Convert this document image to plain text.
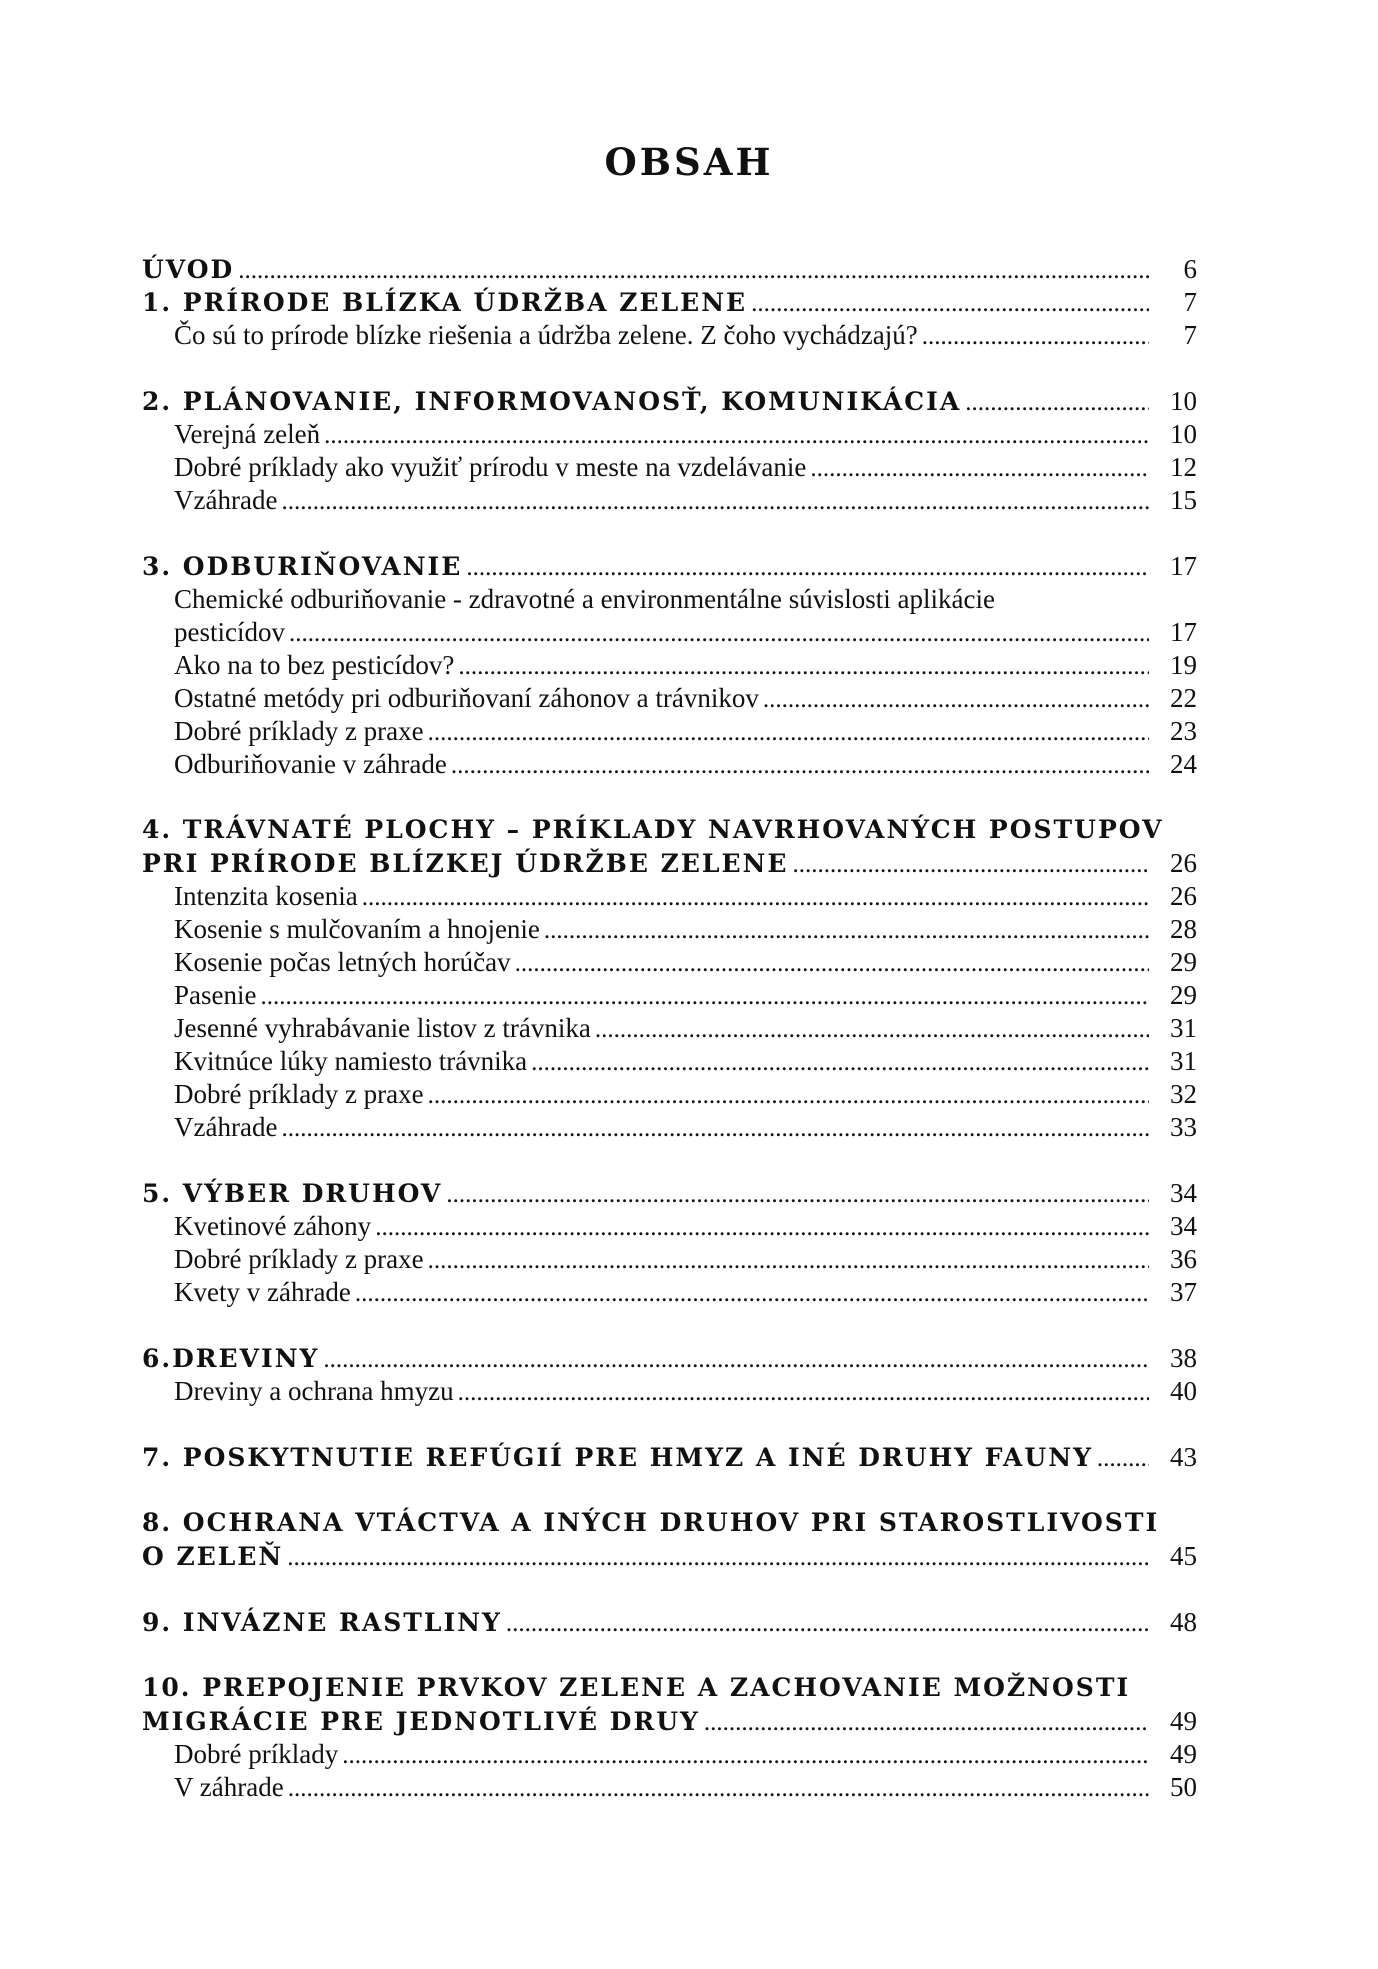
OBSAH
ÚVOD .....	6
1. PRÍRODE BLÍZKA ÚDRŽBA ZELENE .....	7
Čo sú to prírode blízke riešenia a údržba zelene. Z čoho vychádzajú? .....	7
2. PLÁNOVANIE, INFORMOVANOSŤ, KOMUNIKÁCIA .....	10
Verejná zeleň .....	10
Dobré príklady ako využiť prírodu v meste na vzdelávanie .....	12
Vzáhrade .....	15
3. ODBURIŇOVANIE .....	17
Chemické odburiňovanie - zdravotné a environmentálne súvislosti aplikácie
pesticídov .....	17
Ako na to bez pesticídov? .....	19
Ostatné metódy pri odburiňovaní záhonov a trávnikov .....	22
Dobré príklady z praxe .....	23
Odburiňovanie v záhrade .....	24
4. TRÁVNATÉ PLOCHY – PRÍKLADY NAVRHOVANÝCH POSTUPOV
PRI PRÍRODE BLÍZKEJ ÚDRŽBE ZELENE .....	26
Intenzita kosenia .....	26
Kosenie s mulčovaním a hnojenie .....	28
Kosenie počas letných horúčav .....	29
Pasenie .....	29
Jesenné vyhrabávanie listov z trávnika .....	31
Kvitnúce lúky namiesto trávnika .....	31
Dobré príklady z praxe .....	32
Vzáhrade .....	33
5. VÝBER DRUHOV .....	34
Kvetinové záhony .....	34
Dobré príklady z praxe .....	36
Kvety v záhrade .....	37
6.DREVINY .....	38
Dreviny a ochrana hmyzu .....	40
7. POSKYTNUTIE REFÚGIÍ PRE HMYZ A INÉ DRUHY FAUNY .....	43
8. OCHRANA VTÁCTVA A INÝCH DRUHOV PRI STAROSTLIVOSTI
O ZELEŇ .....	45
9. INVÁZNE RASTLINY .....	48
10. PREPOJENIE PRVKOV ZELENE A ZACHOVANIE MOŽNOSTI
MIGRÁCIE PRE JEDNOTLIVÉ DRUY .....	49
Dobré príklady .....	49
V záhrade .....	50
